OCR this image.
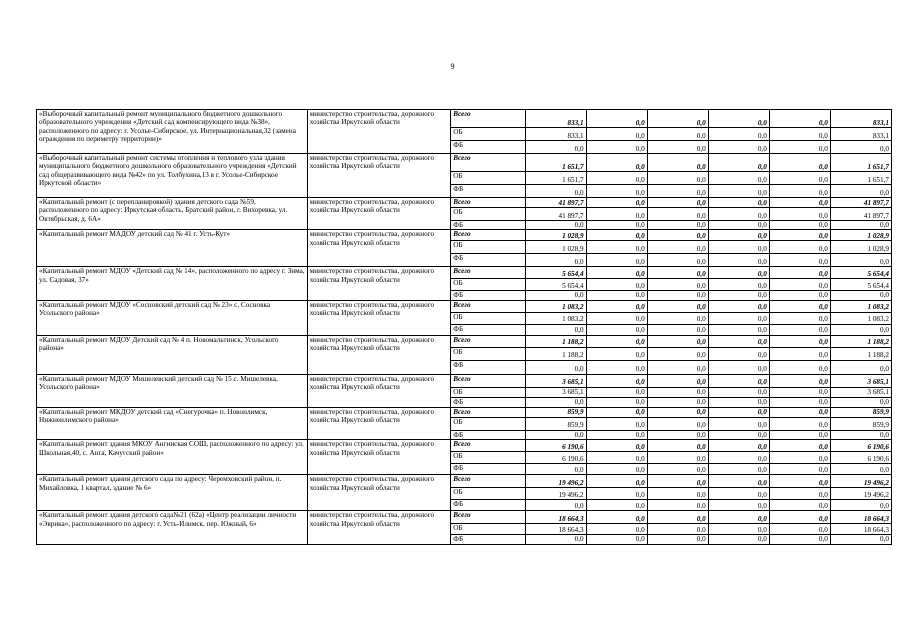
9
«Выборочный капитальный ремонт муниципального бюджетного дошкольного образовательного учреждения «Детский сад компенсирующего вида №38», расположенного по адресу: г. Усолье-Сибирское, ул. Интернациональная,32 (замена ограждения по периметру территории)»	министерство строительства, дорожного хозяйства Иркутской области	Всего	833,1	0,0	0,0	0,0	0,0	833,1
		ОБ	833,1	0,0	0,0	0,0	0,0	833,1
		ФБ	0,0	0,0	0,0	0,0	0,0	0,0
«Выборочный капитальный ремонт системы отопления и теплового узла здания муниципального бюджетного дошкольного образовательного учреждения «Детский сад общеразвивающего вида №42» по ул. Толбухина,13 в г. Усолье-Сибирское Иркутской области»	министерство строительства, дорожного хозяйства Иркутской области	Всего	1 651,7	0,0	0,0	0,0	0,0	1 651,7
		ОБ	1 651,7	0,0	0,0	0,0	0,0	1 651,7
		ФБ	0,0	0,0	0,0	0,0	0,0	0,0
«Капитальный ремонт (с перепланировкой) здания детского сада №59, расположенного по адресу: Иркутская область, Братский район, г. Вихоревка, ул. Октябрьская, д. 6А»	министерство строительства, дорожного хозяйства Иркутской области	Всего	41 897,7	0,0	0,0	0,0	0,0	41 897,7
		ОБ	41 897,7	0,0	0,0	0,0	0,0	41 897,7
		ФБ	0,0	0,0	0,0	0,0	0,0	0,0
«Капитальный ремонт МАДОУ детский сад № 41 г. Усть-Кут»	министерство строительства, дорожного хозяйства Иркутской области	Всего	1 028,9	0,0	0,0	0,0	0,0	1 028,9
		ОБ	1 028,9	0,0	0,0	0,0	0,0	1 028,9
		ФБ	0,0	0,0	0,0	0,0	0,0	0,0
«Капитальный ремонт МДОУ «Детский сад № 14», расположенного по адресу г. Зима, ул. Садовая, 37»	министерство строительства, дорожного хозяйства Иркутской области	Всего	5 654,4	0,0	0,0	0,0	0,0	5 654,4
		ОБ	5 654,4	0,0	0,0	0,0	0,0	5 654,4
		ФБ	0,0	0,0	0,0	0,0	0,0	0,0
«Капитальный ремонт МДОУ «Сосновский детский сад № 23» с. Сосновка Усольского района»	министерство строительства, дорожного хозяйства Иркутской области	Всего	1 083,2	0,0	0,0	0,0	0,0	1 083,2
		ОБ	1 083,2	0,0	0,0	0,0	0,0	1 083,2
		ФБ	0,0	0,0	0,0	0,0	0,0	0,0
«Капитальный ремонт МДОУ Детский сад № 4 п. Новомальтинск, Усольского района»	министерство строительства, дорожного хозяйства Иркутской области	Всего	1 188,2	0,0	0,0	0,0	0,0	1 188,2
		ОБ	1 188,2	0,0	0,0	0,0	0,0	1 188,2
		ФБ	0,0	0,0	0,0	0,0	0,0	0,0
«Капитальный ремонт МДОУ Мишелевский детский сад № 15 с. Мишелевка, Усольского района»	министерство строительства, дорожного хозяйства Иркутской области	Всего	3 685,1	0,0	0,0	0,0	0,0	3 685,1
		ОБ	3 685,1	0,0	0,0	0,0	0,0	3 685,1
		ФБ	0,0	0,0	0,0	0,0	0,0	0,0
«Капитальный ремонт МКДОУ детский сад «Снегурочка» п. Новонлимск, Нижнеилимского района»	министерство строительства, дорожного хозяйства Иркутской области	Всего	859,9	0,0	0,0	0,0	0,0	859,9
		ОБ	859,9	0,0	0,0	0,0	0,0	859,9
		ФБ	0,0	0,0	0,0	0,0	0,0	0,0
«Капитальный ремонт здания МКОУ Ангинская СОШ, расположенного по адресу: ул. Школьная,40, с. Анга, Качугский район»	министерство строительства, дорожного хозяйства Иркутской области	Всего	6 190,6	0,0	0,0	0,0	0,0	6 190,6
		ОБ	6 190,6	0,0	0,0	0,0	0,0	6 190,6
		ФБ	0,0	0,0	0,0	0,0	0,0	0,0
«Капитальный ремонт здания детского сада по адресу: Черемховский район, п. Михайловка, 1 квартал, здание № 6»	министерство строительства, дорожного хозяйства Иркутской области	Всего	19 496,2	0,0	0,0	0,0	0,0	19 496,2
		ОБ	19 496,2	0,0	0,0	0,0	0,0	19 496,2
		ФБ	0,0	0,0	0,0	0,0	0,0	0,0
«Капитальный ремонт здания детского сада№21 (62а) «Центр реализации личности «Эврика», расположенного по адресу: г. Усть-Илимск, пер. Южный, 6»	министерство строительства, дорожного хозяйства Иркутской области	Всего	18 664,3	0,0	0,0	0,0	0,0	18 664,3
		ОБ	18 664,3	0,0	0,0	0,0	0,0	18 664,3
		ФБ	0,0	0,0	0,0	0,0	0,0	0,0
